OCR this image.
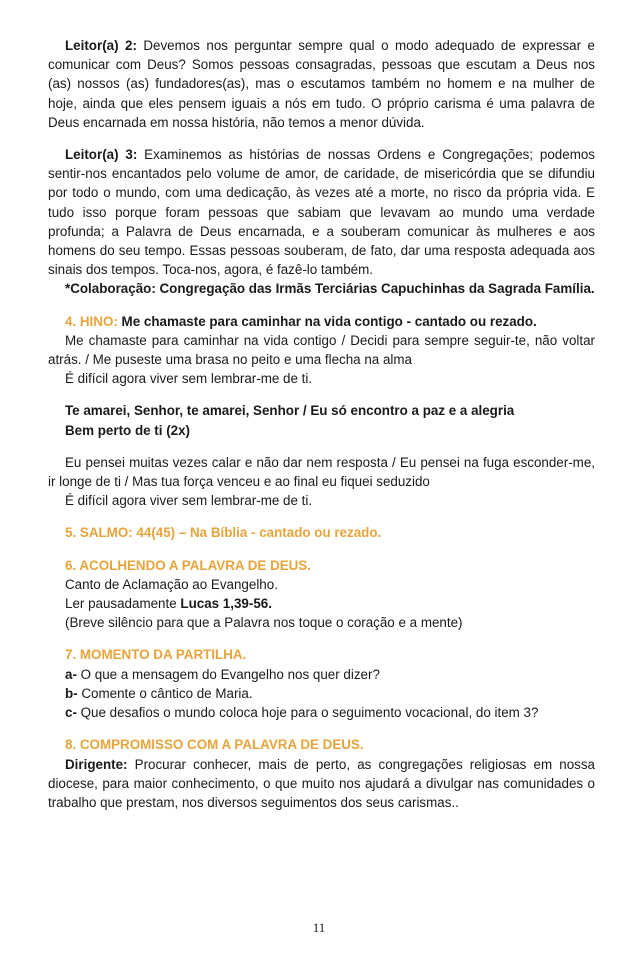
Leitor(a) 2: Devemos nos perguntar sempre qual o modo adequado de expressar e comunicar com Deus? Somos pessoas consagradas, pessoas que escutam a Deus nos (as) nossos (as) fundadores(as), mas o escutamos também no homem e na mulher de hoje, ainda que eles pensem iguais a nós em tudo. O próprio carisma é uma palavra de Deus encarnada em nossa história, não temos a menor dúvida.

Leitor(a) 3: Examinemos as histórias de nossas Ordens e Congregações; podemos sentir-nos encantados pelo volume de amor, de caridade, de misericórdia que se difundiu por todo o mundo, com uma dedicação, às vezes até a morte, no risco da própria vida. E tudo isso porque foram pessoas que sabiam que levavam ao mundo uma verdade profunda; a Palavra de Deus encarnada, e a souberam comunicar às mulheres e aos homens do seu tempo. Essas pessoas souberam, de fato, dar uma resposta adequada aos sinais dos tempos. Toca-nos, agora, é fazê-lo também.

*Colaboração: Congregação das Irmãs Terciárias Capuchinhas da Sagrada Família.

4. HINO: Me chamaste para caminhar na vida contigo - cantado ou rezado.

Me chamaste para caminhar na vida contigo / Decidi para sempre seguir-te, não voltar atrás. / Me puseste uma brasa no peito e uma flecha na alma

É difícil agora viver sem lembrar-me de ti.

Te amarei, Senhor, te amarei, Senhor / Eu só encontro a paz e a alegria

Bem perto de ti (2x)

Eu pensei muitas vezes calar e não dar nem resposta / Eu pensei na fuga esconder-me, ir longe de ti / Mas tua força venceu e ao final eu fiquei seduzido

É difícil agora viver sem lembrar-me de ti.

5. SALMO: 44(45) – Na Bíblia - cantado ou rezado.

6. ACOLHENDO A PALAVRA DE DEUS.

Canto de Aclamação ao Evangelho.

Ler pausadamente Lucas 1,39-56.

(Breve silêncio para que a Palavra nos toque o coração e a mente)

7. MOMENTO DA PARTILHA.

a- O que a mensagem do Evangelho nos quer dizer?

b- Comente o cântico de Maria.

c- Que desafios o mundo coloca hoje para o seguimento vocacional, do item 3?

8. COMPROMISSO COM A PALAVRA DE DEUS.

Dirigente: Procurar conhecer, mais de perto, as congregações religiosas em nossa diocese, para maior conhecimento, o que muito nos ajudará a divulgar nas comunidades o trabalho que prestam, nos diversos seguimentos dos seus carismas..

11
